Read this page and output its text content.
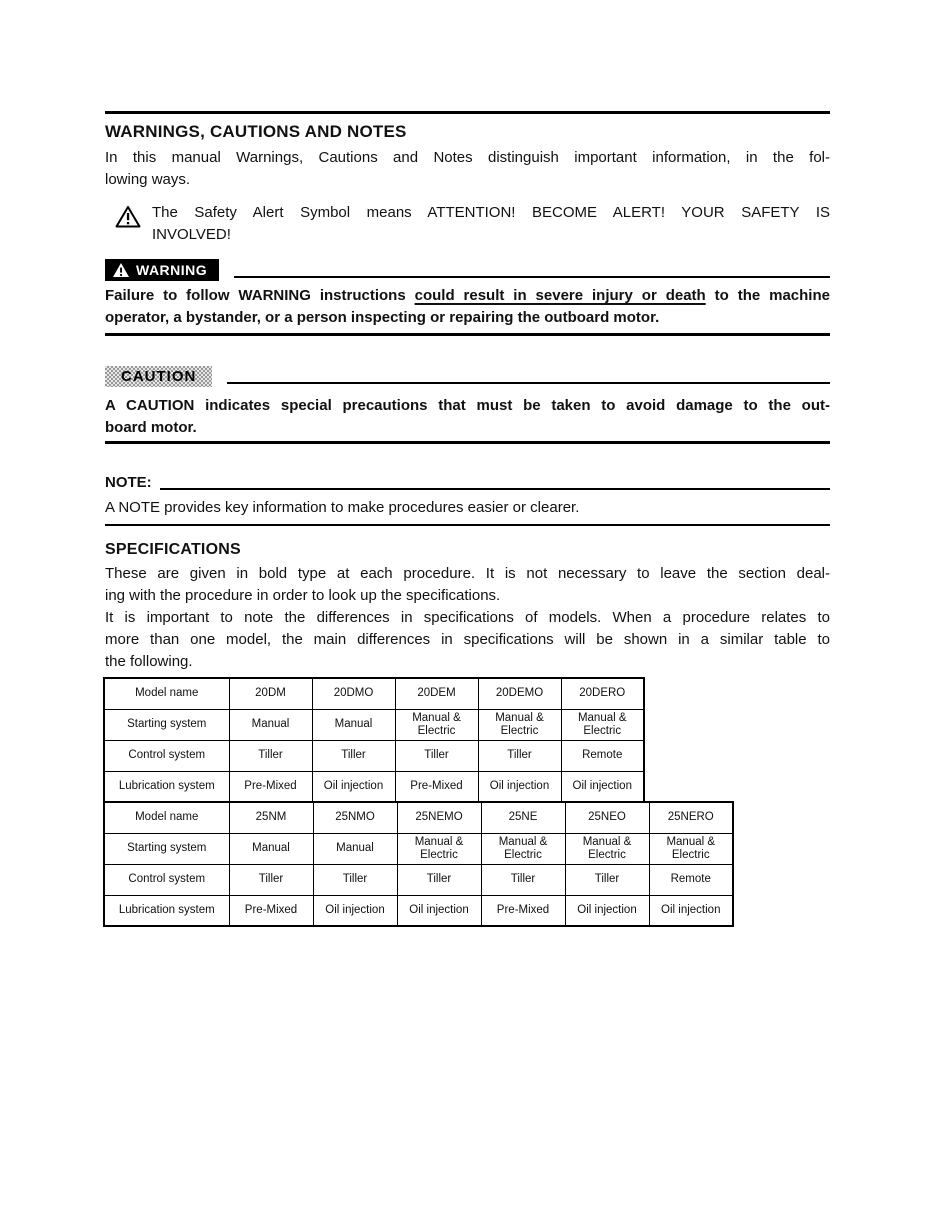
WARNINGS, CAUTIONS AND NOTES
In this manual Warnings, Cautions and Notes distinguish important information, in the fol-
lowing ways.
The Safety Alert Symbol means ATTENTION! BECOME ALERT! YOUR SAFETY IS
INVOLVED!
WARNING
Failure to follow WARNING instructions could result in severe injury or death to the machine
operator, a bystander, or a person inspecting or repairing the outboard motor.
CAUTION
A CAUTION indicates special precautions that must be taken to avoid damage to the out-
board motor.
NOTE:
A NOTE provides key information to make procedures easier or clearer.
SPECIFICATIONS
These are given in bold type at each procedure. It is not necessary to leave the section deal-
ing with the procedure in order to look up the specifications.
It is important to note the differences in specifications of models. When a procedure relates to
more than one model, the main differences in specifications will be shown in a similar table to
the following.
Model name	20DM	20DMO	20DEM	20DEMO	20DERO
Starting system	Manual	Manual	Manual & Electric	Manual & Electric	Manual & Electric
Control system	Tiller	Tiller	Tiller	Tiller	Remote
Lubrication system	Pre-Mixed	Oil injection	Pre-Mixed	Oil injection	Oil injection
Model name	25NM	25NMO	25NEMO	25NE	25NEO	25NERO
Starting system	Manual	Manual	Manual & Electric	Manual & Electric	Manual & Electric	Manual & Electric
Control system	Tiller	Tiller	Tiller	Tiller	Tiller	Remote
Lubrication system	Pre-Mixed	Oil injection	Oil injection	Pre-Mixed	Oil injection	Oil injection
